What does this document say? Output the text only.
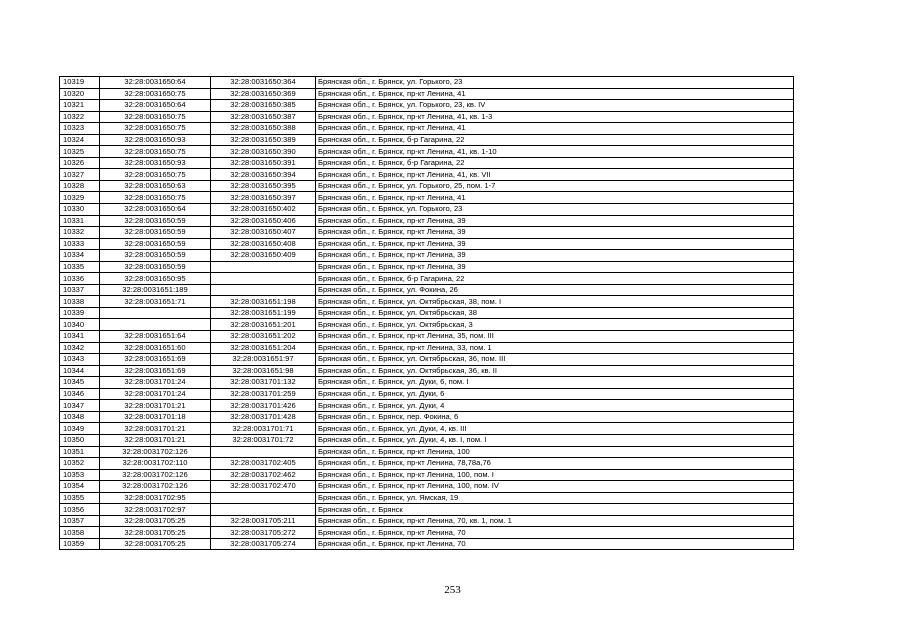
10319	32:28:0031650:64	32:28:0031650:364	Брянская обл., г. Брянск, ул. Горького, 23
10320	32:28:0031650:75	32:28:0031650:369	Брянская обл., г. Брянск, пр-кт Ленина, 41
10321	32:28:0031650:64	32:28:0031650:385	Брянская обл., г. Брянск, ул. Горького, 23, кв. IV
10322	32:28:0031650:75	32:28:0031650:387	Брянская обл., г. Брянск, пр-кт Ленина, 41, кв. 1-3
10323	32:28:0031650:75	32:28:0031650:388	Брянская обл., г. Брянск, пр-кт Ленина, 41
10324	32:28:0031650:93	32:28:0031650:389	Брянская обл., г. Брянск, б-р Гагарина, 22
10325	32:28:0031650:75	32:28:0031650:390	Брянская обл., г. Брянск, пр-кт Ленина, 41, кв. 1-10
10326	32:28:0031650:93	32:28:0031650:391	Брянская обл., г. Брянск, б-р Гагарина, 22
10327	32:28:0031650:75	32:28:0031650:394	Брянская обл., г. Брянск, пр-кт Ленина, 41, кв. VII
10328	32:28:0031650:63	32:28:0031650:395	Брянская обл., г. Брянск, ул. Горького, 25, пом. 1-7
10329	32:28:0031650:75	32:28:0031650:397	Брянская обл., г. Брянск, пр-кт Ленина, 41
10330	32:28:0031650:64	32:28:0031650:402	Брянская обл., г. Брянск, ул. Горького, 23
10331	32:28:0031650:59	32:28:0031650:406	Брянская обл., г. Брянск, пр-кт Ленина, 39
10332	32:28:0031650:59	32:28:0031650:407	Брянская обл., г. Брянск, пр-кт Ленина, 39
10333	32:28:0031650:59	32:28:0031650:408	Брянская обл., г. Брянск, пр-кт Ленина, 39
10334	32:28:0031650:59	32:28:0031650:409	Брянская обл., г. Брянск, пр-кт Ленина, 39
10335	32:28:0031650:59		Брянская обл., г. Брянск, пр-кт Ленина, 39
10336	32:28:0031650:95		Брянская обл., г. Брянск, б-р Гагарина, 22
10337	32:28:0031651:189		Брянская обл., г. Брянск, ул. Фокина, 26
10338	32:28:0031651:71	32:28:0031651:198	Брянская обл., г. Брянск, ул. Октябрьская, 38, пом. I
10339		32:28:0031651:199	Брянская обл., г. Брянск, ул. Октябрьская, 38
10340		32:28:0031651:201	Брянская обл., г. Брянск, ул. Октябрьская, 3
10341	32:28:0031651:64	32:28:0031651:202	Брянская обл., г. Брянск, пр-кт Ленина, 35, пом. III
10342	32:28:0031651:60	32:28:0031651:204	Брянская обл., г. Брянск, пр-кт Ленина, 33, пом. 1
10343	32:28:0031651:69	32:28:0031651:97	Брянская обл., г. Брянск, ул. Октябрьская, 36, пом. III
10344	32:28:0031651:69	32:28:0031651:98	Брянская обл., г. Брянск, ул. Октябрьская, 36, кв. II
10345	32:28:0031701:24	32:28:0031701:132	Брянская обл., г. Брянск, ул. Дуки, 6, пом. I
10346	32:28:0031701:24	32:28:0031701:259	Брянская обл., г. Брянск, ул. Дуки, 6
10347	32:28:0031701:21	32:28:0031701:426	Брянская обл., г. Брянск, ул. Дуки, 4
10348	32:28:0031701:18	32:28:0031701:428	Брянская обл., г. Брянск, пер. Фокина, 6
10349	32:28:0031701:21	32:28:0031701:71	Брянская обл., г. Брянск, ул. Дуки, 4, кв. III
10350	32:28:0031701:21	32:28:0031701:72	Брянская обл., г. Брянск, ул. Дуки, 4, кв. I, пом. I
10351	32:28:0031702:126		Брянская обл., г. Брянск, пр-кт Ленина, 100
10352	32:28:0031702:110	32:28:0031702:405	Брянская обл., г. Брянск, пр-кт Ленина, 78,78а,76
10353	32:28:0031702:126	32:28:0031702:462	Брянская обл., г. Брянск, пр-кт Ленина, 100, пом. I
10354	32:28:0031702:126	32:28:0031702:470	Брянская обл., г. Брянск, пр-кт Ленина, 100, пом. IV
10355	32:28:0031702:95		Брянская обл., г. Брянск, ул. Ямская, 19
10356	32:28:0031702:97		Брянская обл., г. Брянск
10357	32:28:0031705:25	32:28:0031705:211	Брянская обл., г. Брянск, пр-кт Ленина, 70, кв. 1, пом. 1
10358	32:28:0031705:25	32:28:0031705:272	Брянская обл., г. Брянск, пр-кт Ленина, 70
10359	32:28:0031705:25	32:28:0031705:274	Брянская обл., г. Брянск, пр-кт Ленина, 70
253
